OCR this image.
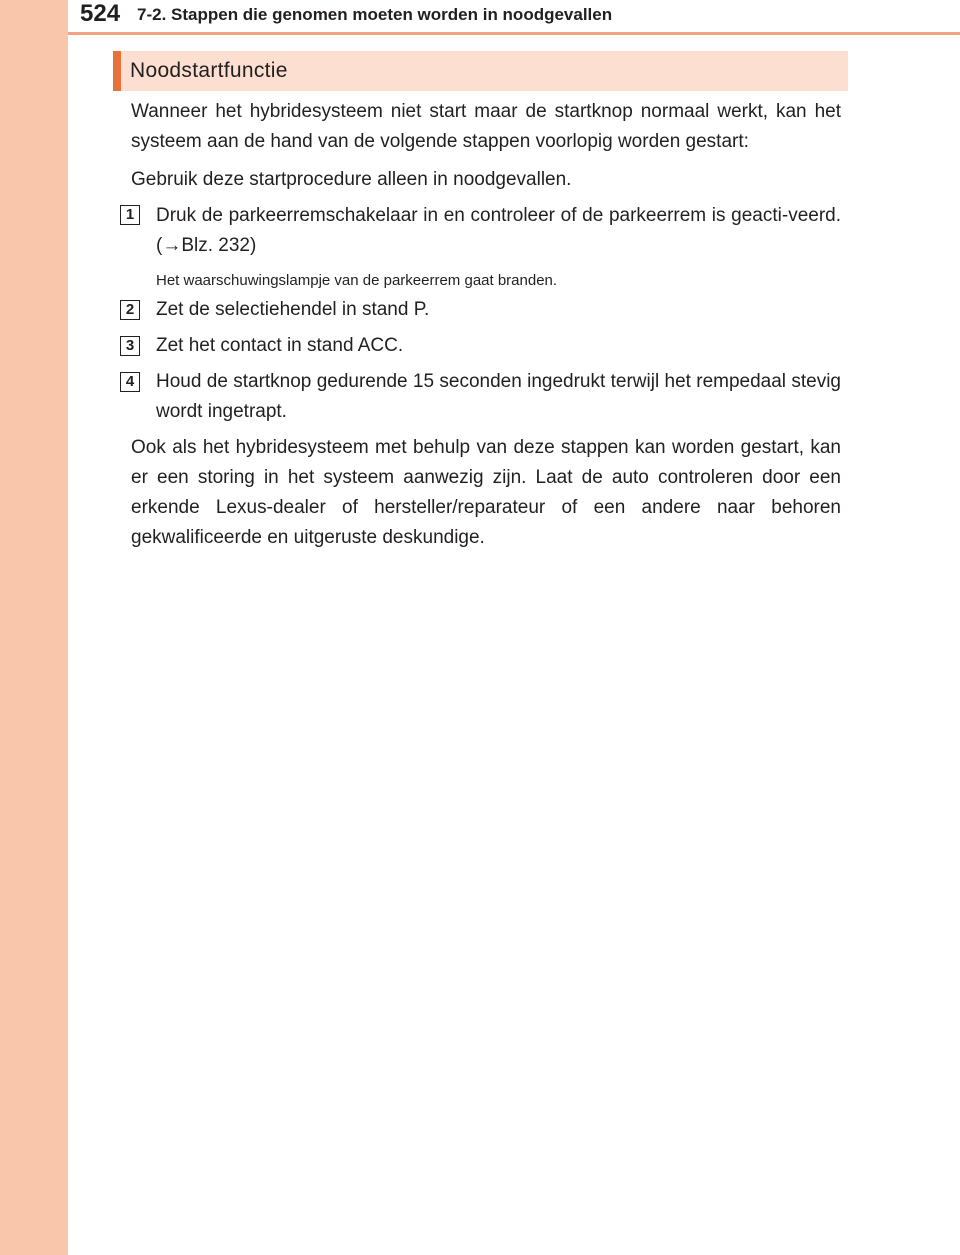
524 7-2. Stappen die genomen moeten worden in noodgevallen
Noodstartfunctie

Wanneer het hybridesysteem niet start maar de startknop normaal werkt, kan het systeem aan de hand van de volgende stappen voorlopig worden gestart:

Gebruik deze startprocedure alleen in noodgevallen.

1 Druk de parkeerremschakelaar in en controleer of de parkeerrem is geacti-veerd. (→Blz. 232)

Het waarschuwingslampje van de parkeerrem gaat branden.

2 Zet de selectiehendel in stand P.

3 Zet het contact in stand ACC.

4 Houd de startknop gedurende 15 seconden ingedrukt terwijl het rempedaal stevig wordt ingetrapt.

Ook als het hybridesysteem met behulp van deze stappen kan worden gestart, kan er een storing in het systeem aanwezig zijn. Laat de auto controleren door een erkende Lexus-dealer of hersteller/reparateur of een andere naar behoren gekwalificeerde en uitgeruste deskundige.
